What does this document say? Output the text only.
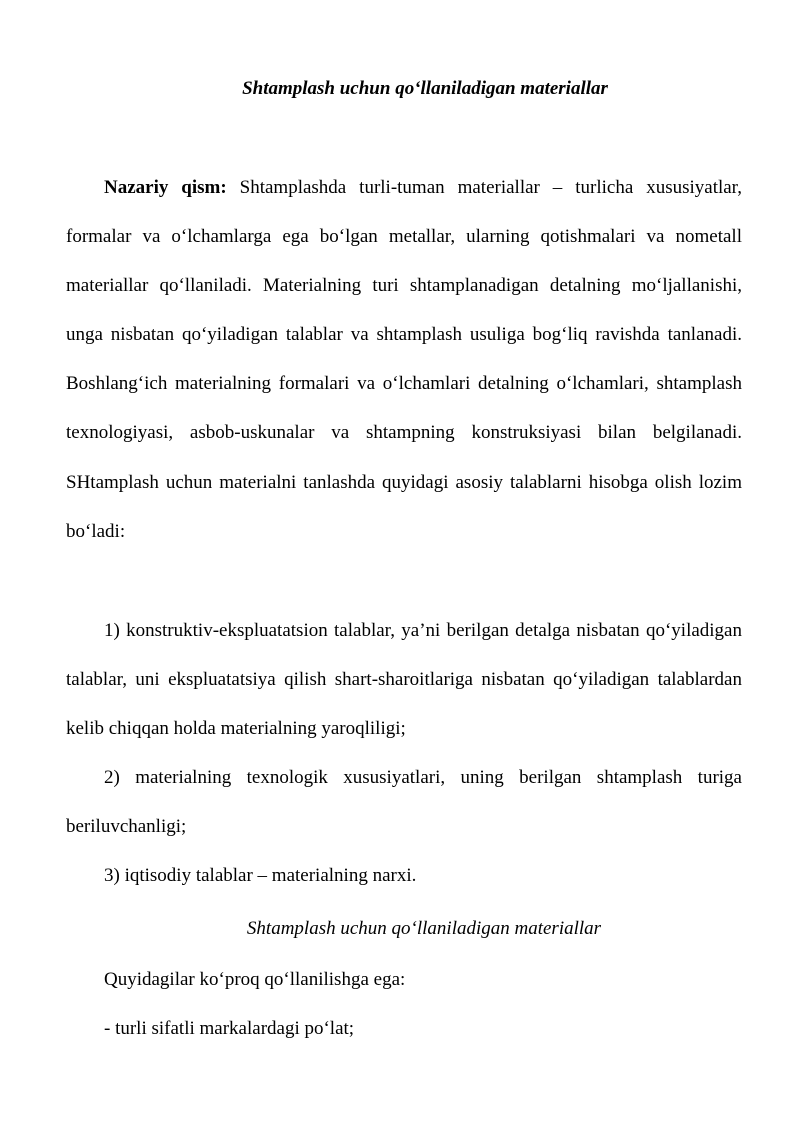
Shtamplash uchun qo‘llaniladigan materiallar

Nazariy qism: Shtamplashda turli-tuman materiallar – turlicha xususiyatlar, formalar va o‘lchamlarga ega bo‘lgan metallar, ularning qotishmalari va nometall materiallar qo‘llaniladi. Materialning turi shtamplanadigan detalning mo‘ljallanishi, unga nisbatan qo‘yiladigan talablar va shtamplash usuliga bog‘liq ravishda tanlanadi. Boshlang‘ich materialning formalari va o‘lchamlari detalning o‘lchamlari, shtamplash texnologiyasi, asbob-uskunalar va shtampning konstruksiyasi bilan belgilanadi. SHtamplash uchun materialni tanlashda quyidagi asosiy talablarni hisobga olish lozim bo‘ladi:

1) konstruktiv-ekspluatatsion talablar, ya’ni berilgan detalga nisbatan qo‘yiladigan talablar, uni ekspluatatsiya qilish shart-sharoitlariga nisbatan qo‘yiladigan talablardan kelib chiqqan holda materialning yaroqliligi;

2) materialning texnologik xususiyatlari, uning berilgan shtamplash turiga beriluvchanligi;

3) iqtisodiy talablar – materialning narxi.

Shtamplash uchun qo‘llaniladigan materiallar

Quyidagilar ko‘proq qo‘llanilishga ega:

- turli sifatli markalardagi po‘lat;
